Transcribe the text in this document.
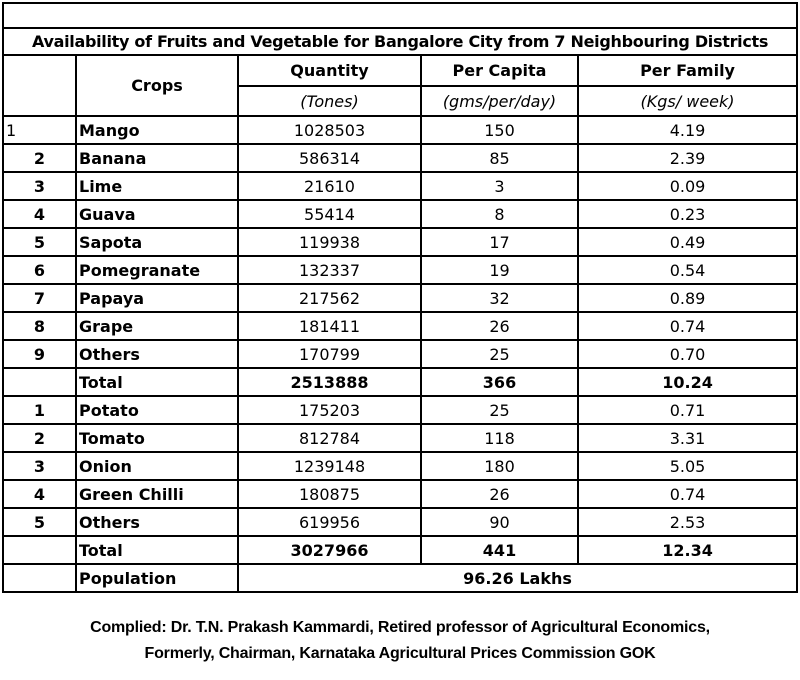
Availability of Fruits and Vegetable for Bangalore City from 7 Neighbouring Districts				
	Crops	Quantity	Per Capita	Per Family
		(Tones)	(gms/per/day)	(Kgs/ week)
1	Mango	1028503	150	4.19
2	Banana	586314	85	2.39
3	Lime	21610	3	0.09
4	Guava	55414	8	0.23
5	Sapota	119938	17	0.49
6	Pomegranate	132337	19	0.54
7	Papaya	217562	32	0.89
8	Grape	181411	26	0.74
9	Others	170799	25	0.70
	Total	2513888	366	10.24
1	Potato	175203	25	0.71
2	Tomato	812784	118	3.31
3	Onion	1239148	180	5.05
4	Green Chilli	180875	26	0.74
5	Others	619956	90	2.53
	Total	3027966	441	12.34
	Population	96.26 Lakhs		
Complied: Dr. T.N. Prakash Kammardi, Retired professor of Agricultural Economics,
Formerly, Chairman, Karnataka Agricultural Prices Commission GOK
